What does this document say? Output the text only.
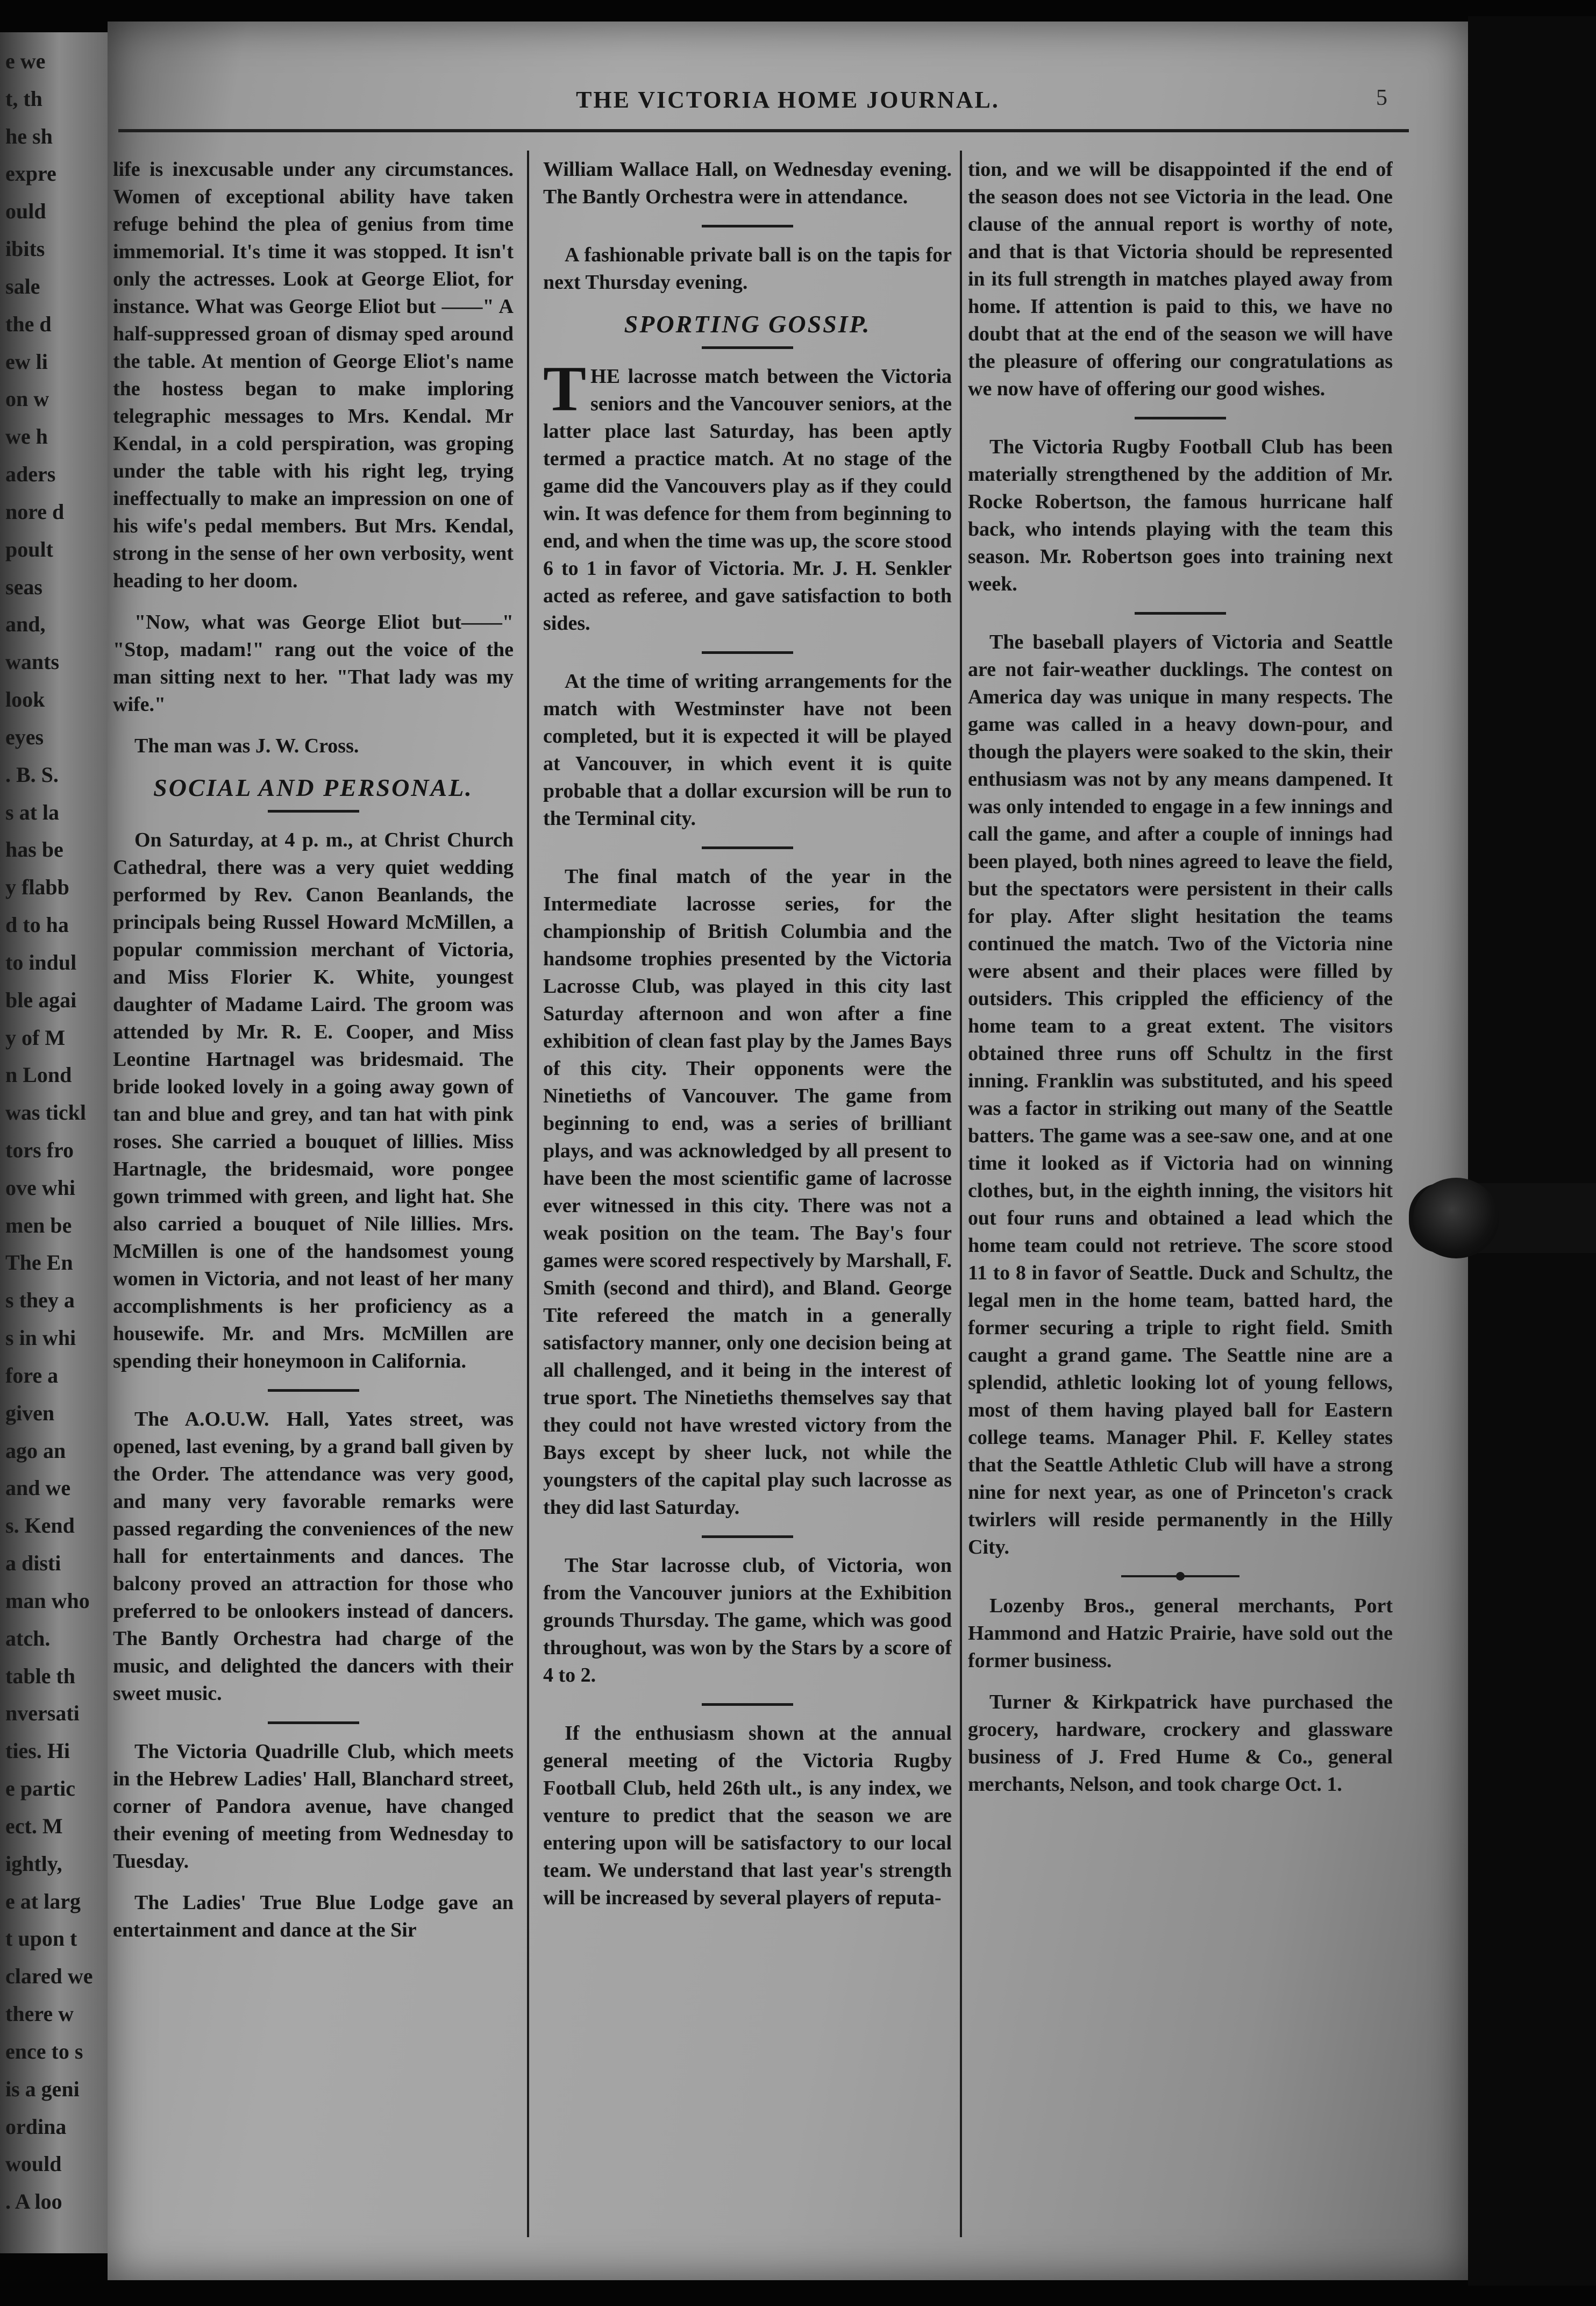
e we
t, th
he sh
expre
ould
ibits
sale
the d
ew li
on w
we h
aders
nore d
poult
seas
and,
wants
look
eyes
. B. S.
s at la
has be
y flabb
d to ha
to indul
ble agai
y of M
n Lond
was tickl
tors fro
ove whi
men be
The En
s they a
s in whi
fore a
given
ago an
and we
s. Kend
a disti
man who
atch.
table th
nversati
ties. Hi
e partic
ect. M
ightly,
e at larg
t upon t
clared we
there w
ence to s
is a geni
ordina
would
. A loo
THE VICTORIA HOME JOURNAL.	5

life is inexcusable under any circumstances. Women of exceptional ability have taken refuge behind the plea of genius from time immemorial. It's time it was stopped. It isn't only the actresses. Look at George Eliot, for instance. What was George Eliot but ——" A half-suppressed groan of dismay sped around the table. At mention of George Eliot's name the hostess began to make imploring telegraphic messages to Mrs. Kendal. Mr Kendal, in a cold perspiration, was groping under the table with his right leg, trying ineffectually to make an impression on one of his wife's pedal members. But Mrs. Kendal, strong in the sense of her own verbosity, went heading to her doom.

"Now, what was George Eliot but——" "Stop, madam!" rang out the voice of the man sitting next to her. "That lady was my wife."

The man was J. W. Cross.

SOCIAL AND PERSONAL.

On Saturday, at 4 p. m., at Christ Church Cathedral, there was a very quiet wedding performed by Rev. Canon Beanlands, the principals being Russel Howard McMillen, a popular commission merchant of Victoria, and Miss Florier K. White, youngest daughter of Madame Laird. The groom was attended by Mr. R. E. Cooper, and Miss Leontine Hartnagel was bridesmaid. The bride looked lovely in a going away gown of tan and blue and grey, and tan hat with pink roses. She carried a bouquet of lillies. Miss Hartnagle, the bridesmaid, wore pongee gown trimmed with green, and light hat. She also carried a bouquet of Nile lillies. Mrs. McMillen is one of the handsomest young women in Victoria, and not least of her many accomplishments is her proficiency as a housewife. Mr. and Mrs. McMillen are spending their honeymoon in California.

The A.O.U.W. Hall, Yates street, was opened, last evening, by a grand ball given by the Order. The attendance was very good, and many very favorable remarks were passed regarding the conveniences of the new hall for entertainments and dances. The balcony proved an attraction for those who preferred to be onlookers instead of dancers. The Bantly Orchestra had charge of the music, and delighted the dancers with their sweet music.

The Victoria Quadrille Club, which meets in the Hebrew Ladies' Hall, Blanchard street, corner of Pandora avenue, have changed their evening of meeting from Wednesday to Tuesday.

The Ladies' True Blue Lodge gave an entertainment and dance at the Sir

William Wallace Hall, on Wednesday evening. The Bantly Orchestra were in attendance.

A fashionable private ball is on the tapis for next Thursday evening.

SPORTING GOSSIP.

THE lacrosse match between the Victoria seniors and the Vancouver seniors, at the latter place last Saturday, has been aptly termed a practice match. At no stage of the game did the Vancouvers play as if they could win. It was defence for them from beginning to end, and when the time was up, the score stood 6 to 1 in favor of Victoria. Mr. J. H. Senkler acted as referee, and gave satisfaction to both sides.

At the time of writing arrangements for the match with Westminster have not been completed, but it is expected it will be played at Vancouver, in which event it is quite probable that a dollar excursion will be run to the Terminal city.

The final match of the year in the Intermediate lacrosse series, for the championship of British Columbia and the handsome trophies presented by the Victoria Lacrosse Club, was played in this city last Saturday afternoon and won after a fine exhibition of clean fast play by the James Bays of this city. Their opponents were the Ninetieths of Vancouver. The game from beginning to end, was a series of brilliant plays, and was acknowledged by all present to have been the most scientific game of lacrosse ever witnessed in this city. There was not a weak position on the team. The Bay's four games were scored respectively by Marshall, F. Smith (second and third), and Bland. George Tite refereed the match in a generally satisfactory manner, only one decision being at all challenged, and it being in the interest of true sport. The Ninetieths themselves say that they could not have wrested victory from the Bays except by sheer luck, not while the youngsters of the capital play such lacrosse as they did last Saturday.

The Star lacrosse club, of Victoria, won from the Vancouver juniors at the Exhibition grounds Thursday. The game, which was good throughout, was won by the Stars by a score of 4 to 2.

If the enthusiasm shown at the annual general meeting of the Victoria Rugby Football Club, held 26th ult., is any index, we venture to predict that the season we are entering upon will be satisfactory to our local team. We understand that last year's strength will be increased by several players of reputa-

tion, and we will be disappointed if the end of the season does not see Victoria in the lead. One clause of the annual report is worthy of note, and that is that Victoria should be represented in its full strength in matches played away from home. If attention is paid to this, we have no doubt that at the end of the season we will have the pleasure of offering our congratulations as we now have of offering our good wishes.

The Victoria Rugby Football Club has been materially strengthened by the addition of Mr. Rocke Robertson, the famous hurricane half back, who intends playing with the team this season. Mr. Robertson goes into training next week.

The baseball players of Victoria and Seattle are not fair-weather ducklings. The contest on America day was unique in many respects. The game was called in a heavy down-pour, and though the players were soaked to the skin, their enthusiasm was not by any means dampened. It was only intended to engage in a few innings and call the game, and after a couple of innings had been played, both nines agreed to leave the field, but the spectators were persistent in their calls for play. After slight hesitation the teams continued the match. Two of the Victoria nine were absent and their places were filled by outsiders. This crippled the efficiency of the home team to a great extent. The visitors obtained three runs off Schultz in the first inning. Franklin was substituted, and his speed was a factor in striking out many of the Seattle batters. The game was a see-saw one, and at one time it looked as if Victoria had on winning clothes, but, in the eighth inning, the visitors hit out four runs and obtained a lead which the home team could not retrieve. The score stood 11 to 8 in favor of Seattle. Duck and Schultz, the legal men in the home team, batted hard, the former securing a triple to right field. Smith caught a grand game. The Seattle nine are a splendid, athletic looking lot of young fellows, most of them having played ball for Eastern college teams. Manager Phil. F. Kelley states that the Seattle Athletic Club will have a strong nine for next year, as one of Princeton's crack twirlers will reside permanently in the Hilly City.

Lozenby Bros., general merchants, Port Hammond and Hatzic Prairie, have sold out the former business.

Turner & Kirkpatrick have purchased the grocery, hardware, crockery and glassware business of J. Fred Hume & Co., general merchants, Nelson, and took charge Oct. 1.
